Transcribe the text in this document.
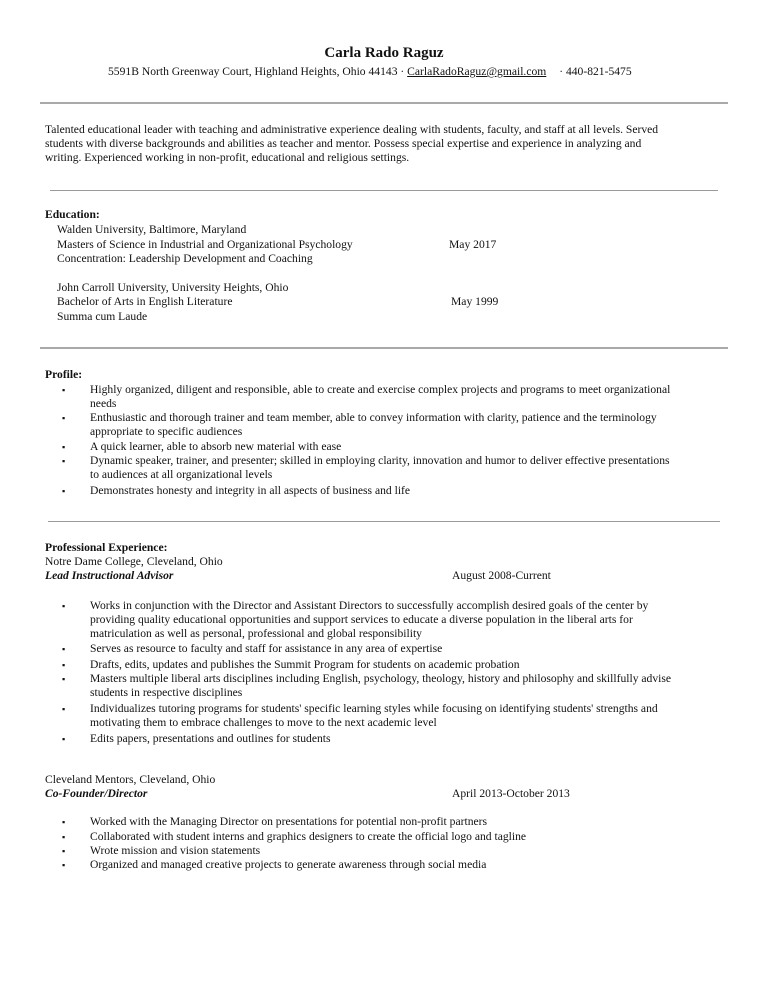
Carla Rado Raguz
5591B North Greenway Court, Highland Heights, Ohio 44143 · CarlaRadoRaguz@gmail.com · 440-821-5475

Talented educational leader with teaching and administrative experience dealing with students, faculty, and staff at all levels. Served

students with diverse backgrounds and abilities as teacher and mentor. Possess special expertise and experience in analyzing and

writing. Experienced working in non-profit, educational and religious settings.

Education:
Walden University, Baltimore, Maryland
Masters of Science in Industrial and Organizational Psychology	May 2017
Concentration: Leadership Development and Coaching
John Carroll University, University Heights, Ohio
Bachelor of Arts in English Literature	May 1999
Summa cum Laude
Profile:
▪ Highly organized, diligent and responsible, able to create and exercise complex projects and programs to meet organizational
needs
▪ Enthusiastic and thorough trainer and team member, able to convey information with clarity, patience and the terminology
appropriate to specific audiences
▪ A quick learner, able to absorb new material with ease
▪ Dynamic speaker, trainer, and presenter; skilled in employing clarity, innovation and humor to deliver effective presentations
to audiences at all organizational levels
▪ Demonstrates honesty and integrity in all aspects of business and life
Professional Experience:
Notre Dame College, Cleveland, Ohio
Lead Instructional Advisor	August 2008-Current
▪ Works in conjunction with the Director and Assistant Directors to successfully accomplish desired goals of the center by
providing quality educational opportunities and support services to educate a diverse population in the liberal arts for
matriculation as well as personal, professional and global responsibility
▪ Serves as resource to faculty and staff for assistance in any area of expertise
▪ Drafts, edits, updates and publishes the Summit Program for students on academic probation
▪ Masters multiple liberal arts disciplines including English, psychology, theology, history and philosophy and skillfully advise
students in respective disciplines
▪ Individualizes tutoring programs for students' specific learning styles while focusing on identifying students' strengths and
motivating them to embrace challenges to move to the next academic level
▪ Edits papers, presentations and outlines for students
Cleveland Mentors, Cleveland, Ohio
Co-Founder/Director	April 2013-October 2013
▪ Worked with the Managing Director on presentations for potential non-profit partners
▪ Collaborated with student interns and graphics designers to create the official logo and tagline
▪ Wrote mission and vision statements
▪ Organized and managed creative projects to generate awareness through social media
